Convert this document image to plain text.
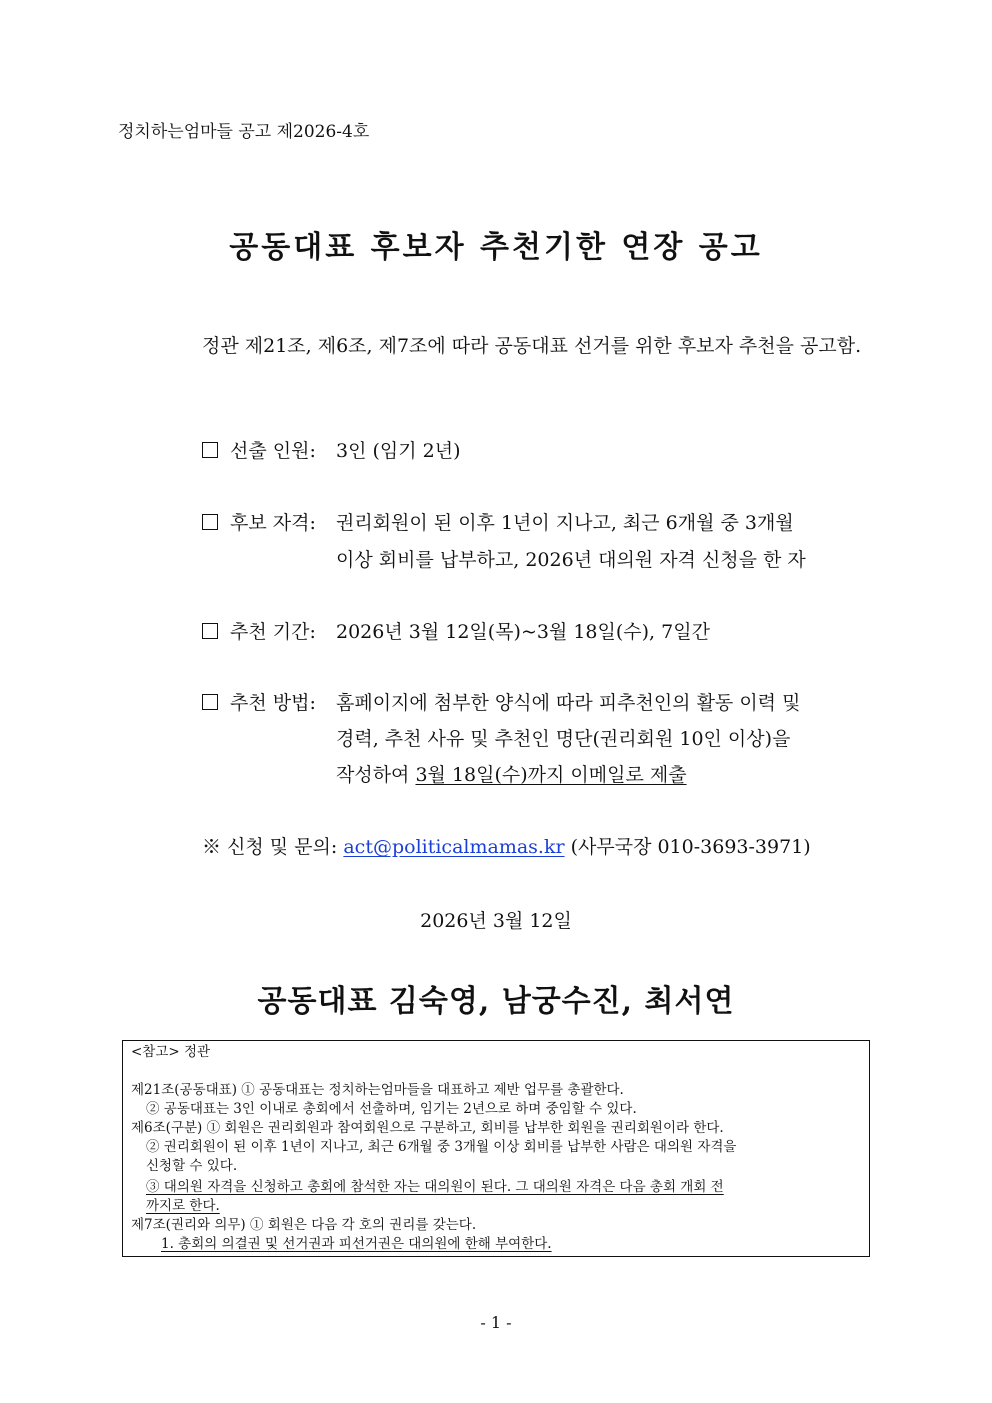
정치하는엄마들 공고 제2026-4호
공동대표 후보자 추천기한 연장 공고
정관 제21조, 제6조, 제7조에 따라 공동대표 선거를 위한 후보자 추천을 공고함.
선출 인원: 3인 (임기 2년)
후보 자격: 권리회원이 된 이후 1년이 지나고, 최근 6개월 중 3개월
이상 회비를 납부하고, 2026년 대의원 자격 신청을 한 자
추천 기간: 2026년 3월 12일(목)~3월 18일(수), 7일간
추천 방법: 홈페이지에 첨부한 양식에 따라 피추천인의 활동 이력 및
경력, 추천 사유 및 추천인 명단(권리회원 10인 이상)을
작성하여 3월 18일(수)까지 이메일로 제출
※ 신청 및 문의: act@politicalmamas.kr (사무국장 010-3693-3971)
2026년 3월 12일
공동대표 김숙영, 남궁수진, 최서연
<참고> 정관
제21조(공동대표) ① 공동대표는 정치하는엄마들을 대표하고 제반 업무를 총괄한다.
② 공동대표는 3인 이내로 총회에서 선출하며, 임기는 2년으로 하며 중임할 수 있다.
제6조(구분) ① 회원은 권리회원과 참여회원으로 구분하고, 회비를 납부한 회원을 권리회원이라 한다.
② 권리회원이 된 이후 1년이 지나고, 최근 6개월 중 3개월 이상 회비를 납부한 사람은 대의원 자격을
신청할 수 있다.
③ 대의원 자격을 신청하고 총회에 참석한 자는 대의원이 된다. 그 대의원 자격은 다음 총회 개회 전
까지로 한다.
제7조(권리와 의무) ① 회원은 다음 각 호의 권리를 갖는다.
1. 총회의 의결권 및 선거권과 피선거권은 대의원에 한해 부여한다.
- 1 -
